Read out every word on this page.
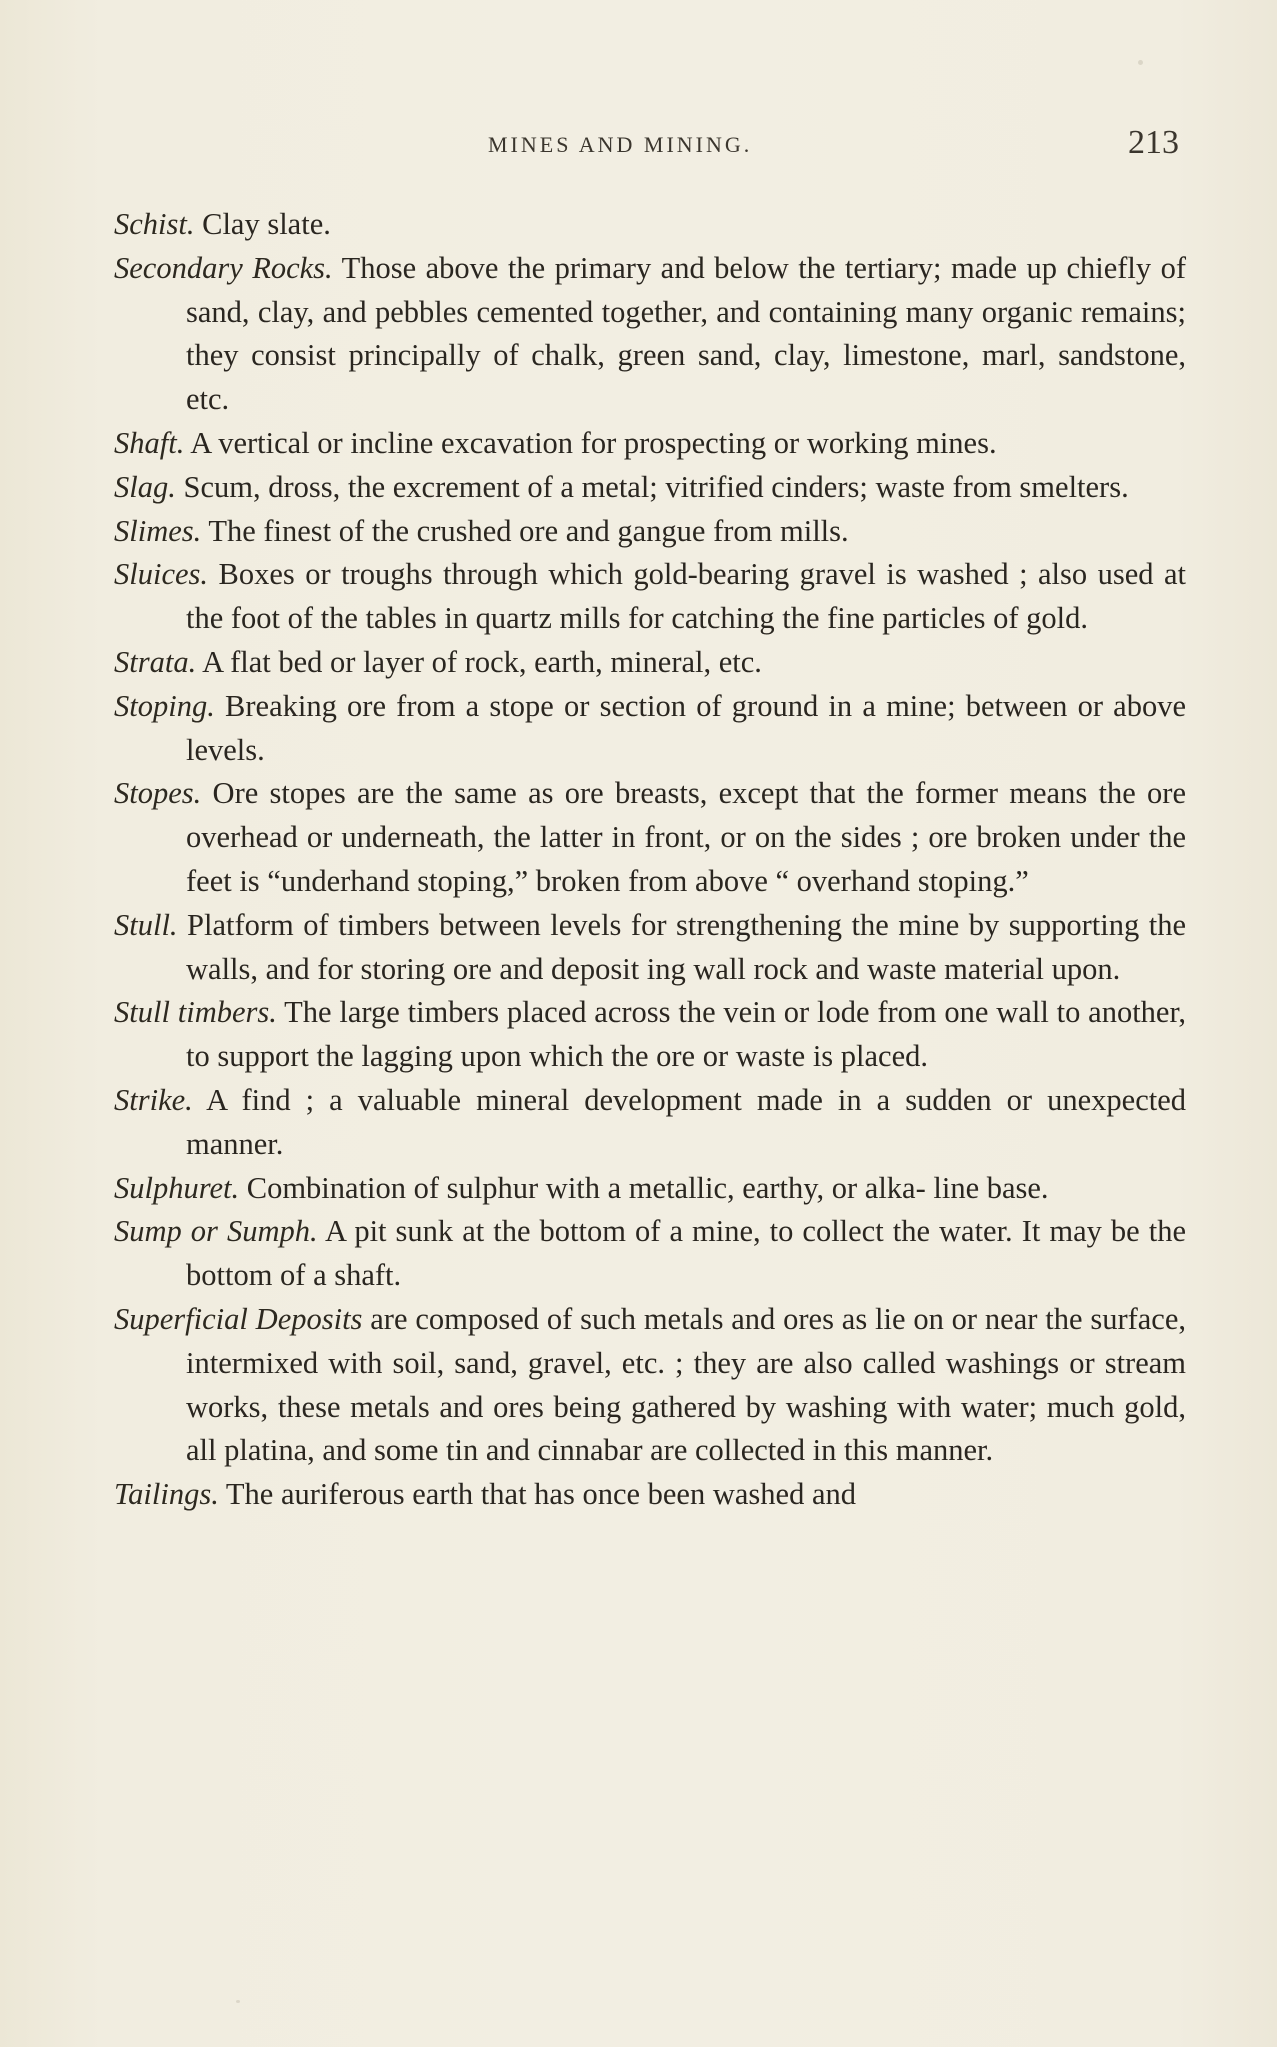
MINES AND MINING.	213

Schist. Clay slate.

Secondary Rocks. Those above the primary and below the tertiary; made up chiefly of sand, clay, and pebbles cemented together, and containing many organic remains; they consist principally of chalk, green sand, clay, limestone, marl, sandstone, etc.

Shaft. A vertical or incline excavation for prospecting or working mines.

Slag. Scum, dross, the excrement of a metal; vitrified cinders; waste from smelters.

Slimes. The finest of the crushed ore and gangue from mills.

Sluices. Boxes or troughs through which gold-bearing gravel is washed ; also used at the foot of the tables in quartz mills for catching the fine particles of gold.

Strata. A flat bed or layer of rock, earth, mineral, etc.

Stoping. Breaking ore from a stope or section of ground in a mine; between or above levels.

Stopes. Ore stopes are the same as ore breasts, except that the former means the ore overhead or underneath, the latter in front, or on the sides ; ore broken under the feet is “underhand stoping,” broken from above “ overhand stoping.”

Stull. Platform of timbers between levels for strengthening the mine by supporting the walls, and for storing ore and deposit ing wall rock and waste material upon.

Stull timbers. The large timbers placed across the vein or lode from one wall to another, to support the lagging upon which the ore or waste is placed.

Strike. A find ; a valuable mineral development made in a sudden or unexpected manner.

Sulphuret. Combination of sulphur with a metallic, earthy, or alka- line base.

Sump or Sumph. A pit sunk at the bottom of a mine, to collect the water. It may be the bottom of a shaft.

Superficial Deposits are composed of such metals and ores as lie on or near the surface, intermixed with soil, sand, gravel, etc. ; they are also called washings or stream works, these metals and ores being gathered by washing with water; much gold, all platina, and some tin and cinnabar are collected in this manner.

Tailings. The auriferous earth that has once been washed and
